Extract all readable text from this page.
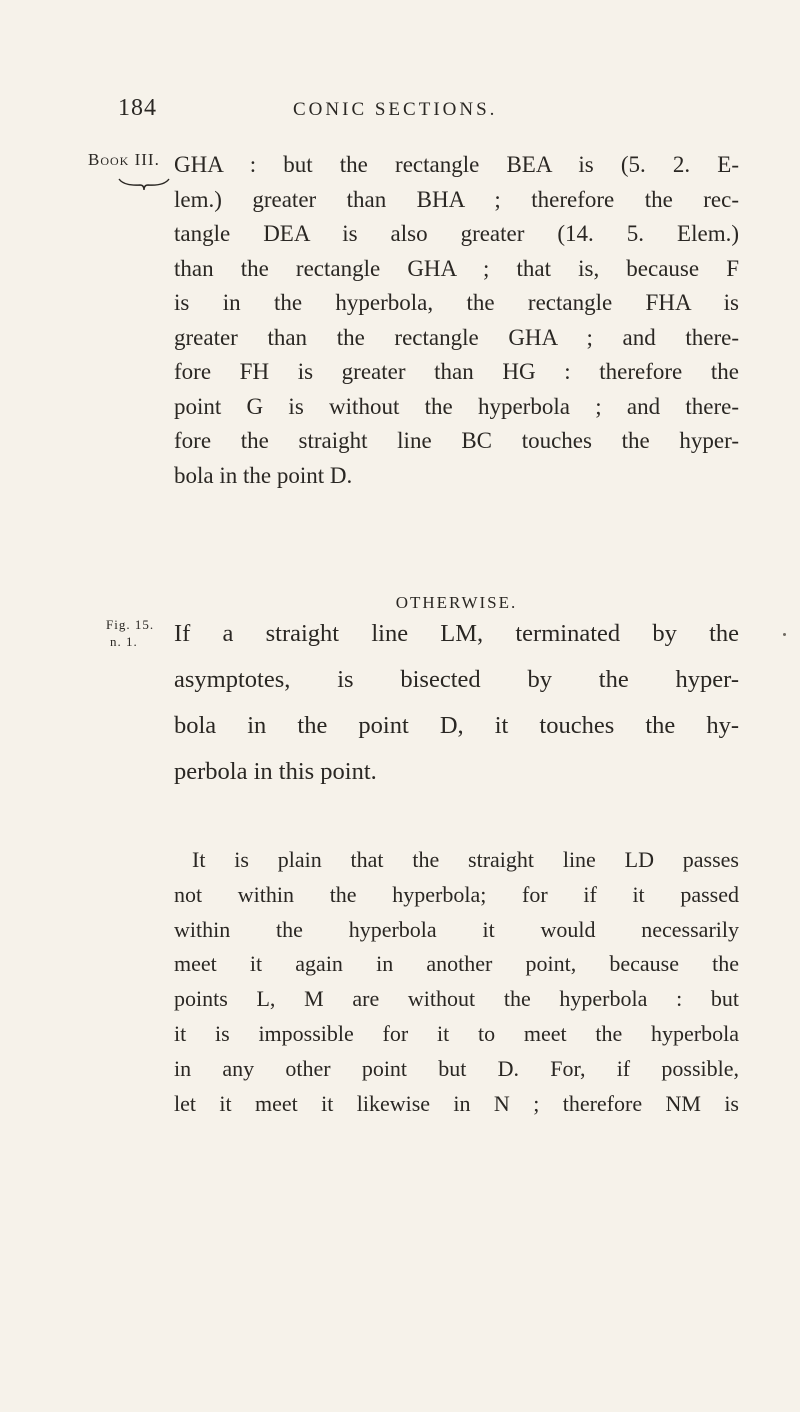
184	CONIC SECTIONS.
Book III. GHA : but the rectangle BEA is (5. 2. E-
lem.) greater than BHA ; therefore the rec-
tangle DEA is also greater (14. 5. Elem.)
than the rectangle GHA ; that is, because F
is in the hyperbola, the rectangle FHA is
greater than the rectangle GHA ; and there-
fore FH is greater than HG : therefore the
point G is without the hyperbola ; and there-
fore the straight line BC touches the hyper-
bola in the point D.
OTHERWISE.
Fig. 15.
n. 1. If a straight line LM, terminated by the
asymptotes, is bisected by the hyper-
bola in the point D, it touches the hy-
perbola in this point.
It is plain that the straight line LD passes
not within the hyperbola; for if it passed
within the hyperbola it would necessarily
meet it again in another point, because the
points L, M are without the hyperbola : but
it is impossible for it to meet the hyperbola
in any other point but D. For, if possible,
let it meet it likewise in N ; therefore NM is
